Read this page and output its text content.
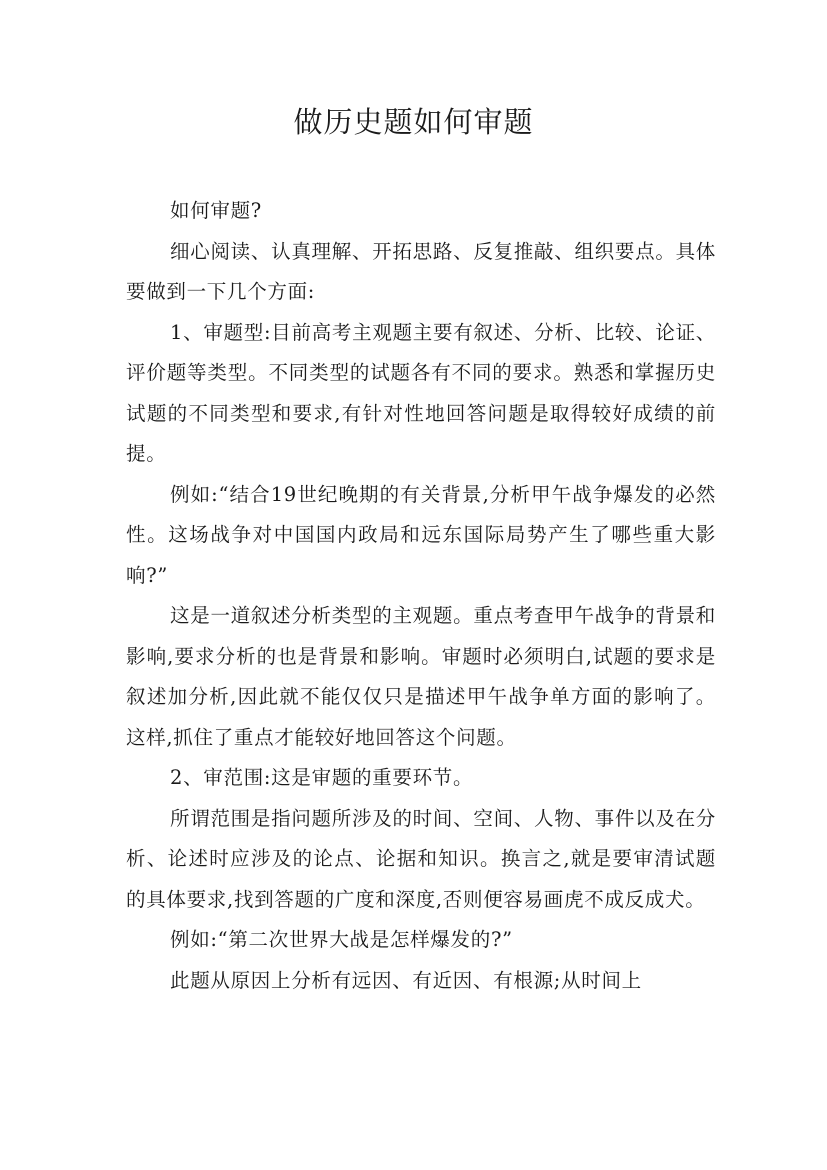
做历史题如何审题

如何审题?

细心阅读、认真理解、开拓思路、反复推敲、组织要点。具体要做到一下几个方面:

1、审题型:目前高考主观题主要有叙述、分析、比较、论证、评价题等类型。不同类型的试题各有不同的要求。熟悉和掌握历史试题的不同类型和要求,有针对性地回答问题是取得较好成绩的前提。

例如:“结合19世纪晚期的有关背景,分析甲午战争爆发的必然性。这场战争对中国国内政局和远东国际局势产生了哪些重大影响?”

这是一道叙述分析类型的主观题。重点考查甲午战争的背景和影响,要求分析的也是背景和影响。审题时必须明白,试题的要求是叙述加分析,因此就不能仅仅只是描述甲午战争单方面的影响了。这样,抓住了重点才能较好地回答这个问题。

2、审范围:这是审题的重要环节。

所谓范围是指问题所涉及的时间、空间、人物、事件以及在分析、论述时应涉及的论点、论据和知识。换言之,就是要审清试题的具体要求,找到答题的广度和深度,否则便容易画虎不成反成犬。

例如:“第二次世界大战是怎样爆发的?”

此题从原因上分析有远因、有近因、有根源;从时间上
